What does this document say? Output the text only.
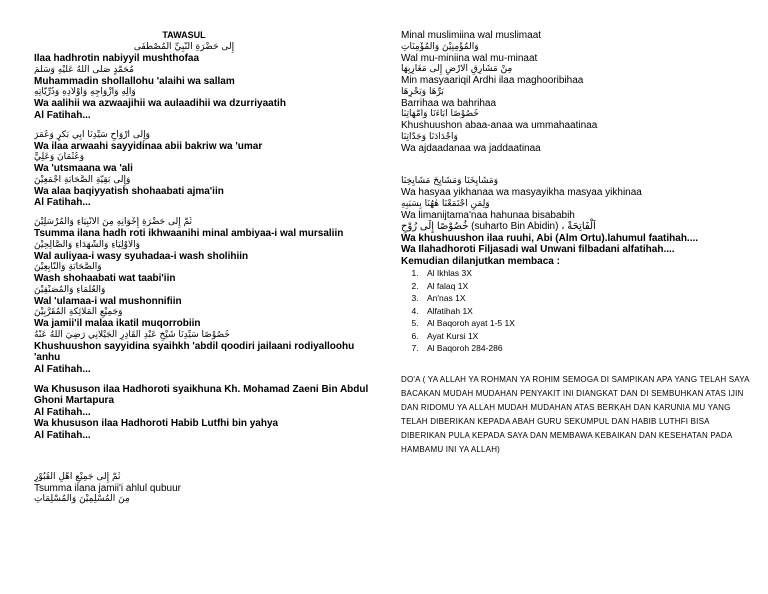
TAWASUL
إِلَى حَضْرَةِ النَّبِيِّ الْمُصْطَفَى
Ilaa hadhrotin nabiyyil mushthofaa
مُحَمَّدٍ صَلَّى اللهُ عَلَيْهِ وَسَلَّمَ
Muhammadin shollallohu 'alaihi wa sallam
وَآلِهِ وَأَزْوَاجِهِ وَأَوْلاَدِهِ وَذُرِّيَّاتِهِ
Wa aalihii wa azwaajihii wa aulaadihii wa dzurriyaatih
Al Fatihah...
وَإِلَى أَرْوَاحِ سَيِّدِنَا أَبِي بَكْرٍ وَعُمَرَ
Wa ilaa arwaahi sayyidinaa abii bakriw wa 'umar
وَعُثْمَانَ وَعَلِيٍّ
Wa 'utsmaana wa 'ali
وَإِلَى بَقِيَّةِ الصَّحَابَةِ أَجْمَعِيْنَ
Wa alaa baqiyyatish shohaabati ajma'iin
Al Fatihah...
ثُمَّ إِلَى حَضْرَةِ إِخْوَانِهِ مِنَ الأَنْبِيَاءِ وَالْمُرْسَلِيْنَ
Tsumma ilana hadh roti ikhwaanihi minal ambiyaa-i wal mursaliin
وَالأَوْلِيَاءِ وَالشُّهَدَاءِ وَالصَّالِحِيْنَ
Wal auliyaa-i wasy syuhadaa-i wash sholihiin
وَالصَّحَابَةِ وَالتَّابِعِيْنَ
Wash shohaabati wat taabi'iin
وَالْعُلَمَاءِ وَالْمُصَنِّفِيْنَ
Wal 'ulamaa-i wal mushonnifiin
وَجَمِيْعِ الْمَلاَئِكَةِ الْمُقَرَّبِيْنَ
Wa jamii'il malaa ikatil muqorrobiin
خُصُوْصًا سَيِّدِنَا شَيْخِ عَبْدِ الْقَادِرِ الْجَيْلاَنِي رَضِيَ اللهُ عَنْهُ
Khushuushon sayyidina syaihkh 'abdil qoodiri jailaani rodiyalloohu 'anhu
Al Fatihah...
Wa Khususon ilaa Hadhoroti syaikhuna Kh. Mohamad Zaeni Bin Abdul Ghoni Martapura
Al Fatihah...
Wa khususon ilaa Hadhoroti Habib Lutfhi bin yahya
Al Fatihah...
ثُمَّ إِلَى جَمِيْعِ أَهْلِ الْقُبُوْرِ
Tsumma ilana jamii'i ahlul qubuur
مِنَ الْمُسْلِمِيْنَ وَالْمُسْلِمَاتِ
Minal muslimiina wal muslimaat
وَالْمُؤْمِنِيْنَ وَالْمُؤْمِنَاتِ
Wal mu-miniina wal mu-minaat
مِنْ مَشَارِقِ الأَرْضِ إِلَى مَغَارِبِهَا
Min masyaariqil Ardhi ilaa maghooribihaa
بَرِّهَا وَبَحْرِهَا
Barrihaa wa bahrihaa
خُصُوْصًا آبَاءَنَا وَأُمَّهَاتِنَا
Khushuushon abaa-anaa wa ummahaatinaa
وَأَجْدَادَنَا وَجَدَّاتِنَا
Wa ajdaadanaa wa jaddaatinaa
وَمَشَايِخَنَا وَمَشَايِخَ مَشَايِخِنَا
Wa hasyaa yikhanaa wa masyayikha masyaa yikhinaa
وَلِمَنِ اجْتَمَعْنَا هٰهُنَا بِسَبَبِهِ
Wa limanijtama'naa hahunaa bisababih
خُصُوْصًا إِلَى رُوْحِ (suharto Bin Abidin) ، اَلْفَاتِحَةْ
Wa khushuushon ilaa ruuhi, Abi (Alm Ortu).lahumul faatihah....
Wa Ilahadhoroti Filjasadi wal Unwani filbadani alfatihah....
Kemudian dilanjutkan membaca :
1. Al Ikhlas 3X
2. Al falaq 1X
3. An'nas 1X
4. Alfatihah 1X
5. Al Baqoroh ayat 1-5 1X
6. Ayat Kursi 1X
7. Al Baqoroh 284-286
DO'A ( YA ALLAH YA ROHMAN YA ROHIM SEMOGA DI SAMPIKAN APA YANG TELAH SAYA BACAKAN MUDAH MUDAHAN PENYAKIT INI DIANGKAT DAN DI SEMBUHKAN ATAS IJIN DAN RIDOMU YA ALLAH MUDAH MUDAHAN ATAS BERKAH DAN KARUNIA MU YANG TELAH DIBERIKAN KEPADA ABAH GURU SEKUMPUL DAN HABIB LUTHFI BISA DIBERIKAN PULA KEPADA SAYA DAN MEMBAWA KEBAIKAN DAN KESEHATAN PADA HAMBAMU INI YA ALLAH)
